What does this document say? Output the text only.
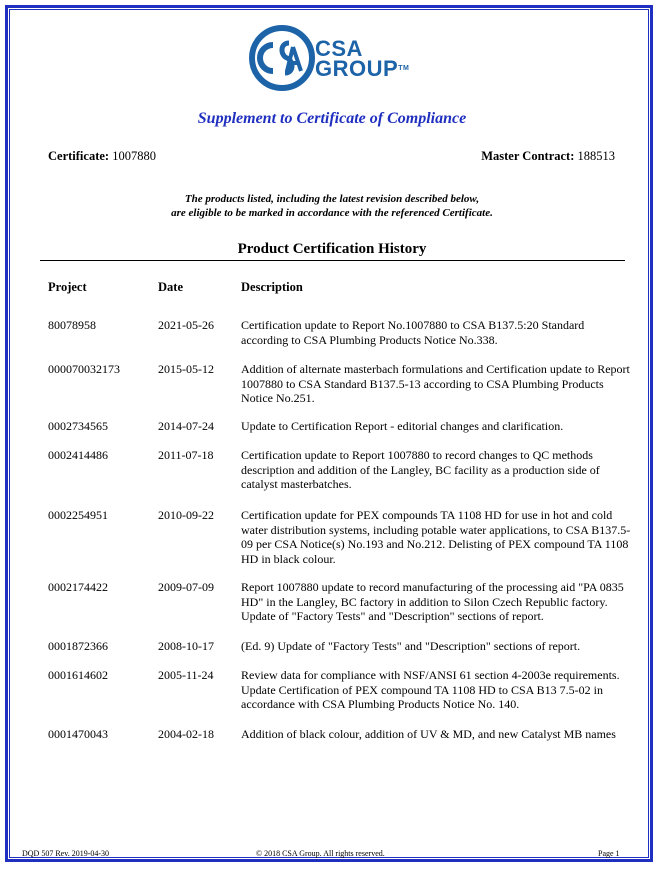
CSA
GROUP™
Supplement to Certificate of Compliance
Certificate: 1007880	Master Contract: 188513
The products listed, including the latest revision described below,
are eligible to be marked in accordance with the referenced Certificate.
Product Certification History
Project	Date	Description
80078958	2021-05-26 Certification update to Report No.1007880 to CSA B137.5:20 Standard according to CSA Plumbing Products Notice No.338.
000070032173	2015-05-12 Addition of alternate masterbach formulations and Certification update to Report 1007880 to CSA Standard B137.5-13 according to CSA Plumbing Products Notice No.251.
0002734565	2014-07-24 Update to Certification Report - editorial changes and clarification.
0002414486	2011-07-18 Certification update to Report 1007880 to record changes to QC methods description and addition of the Langley, BC facility as a production side of catalyst masterbatches.
0002254951	2010-09-22 Certification update for PEX compounds TA 1108 HD for use in hot and cold water distribution systems, including potable water applications, to CSA B137.5-09 per CSA Notice(s) No.193 and No.212. Delisting of PEX compound TA 1108 HD in black colour.
0002174422	2009-07-09 Report 1007880 update to record manufacturing of the processing aid "PA 0835 HD" in the Langley, BC factory in addition to Silon Czech Republic factory. Update of "Factory Tests" and "Description" sections of report.
0001872366	2008-10-17 (Ed. 9) Update of "Factory Tests" and "Description" sections of report.
0001614602	2005-11-24 Review data for compliance with NSF/ANSI 61 section 4-2003e requirements. Update Certification of PEX compound TA 1108 HD to CSA B13 7.5-02 in accordance with CSA Plumbing Products Notice No. 140.
0001470043	2004-02-18 Addition of black colour, addition of UV & MD, and new Catalyst MB names
DQD 507 Rev. 2019-04-30	© 2018 CSA Group. All rights reserved.	Page 1
